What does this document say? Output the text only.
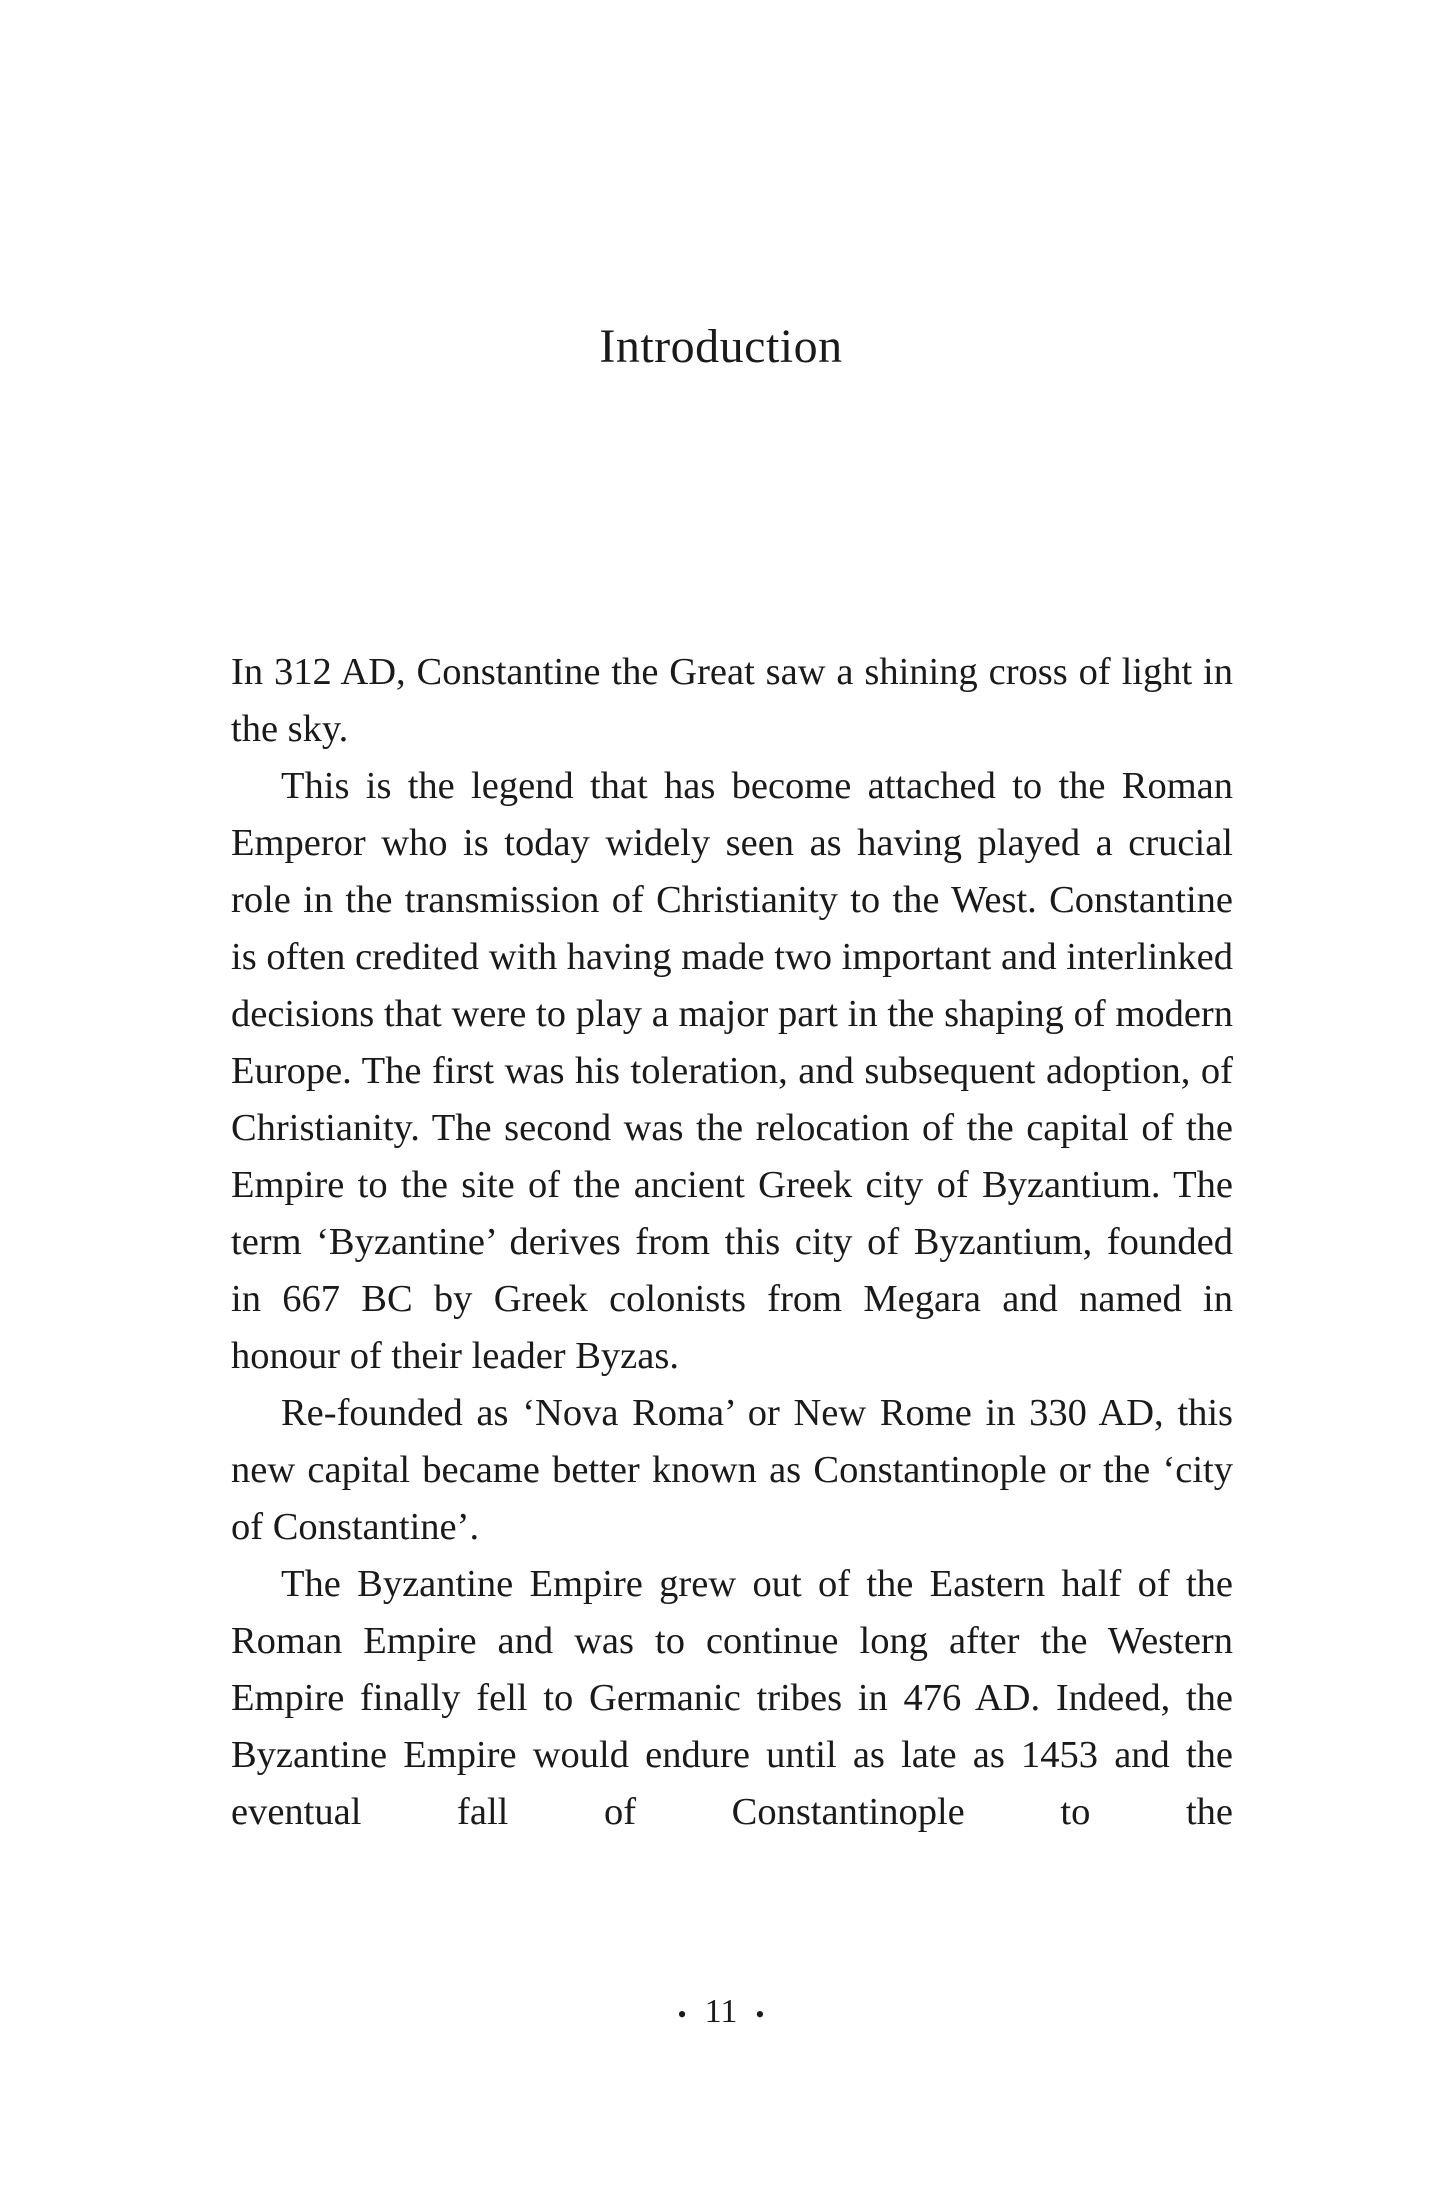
Introduction

In 312 AD, Constantine the Great saw a shining cross of light in the sky.

This is the legend that has become attached to the Roman Emperor who is today widely seen as having played a crucial role in the transmission of Christianity to the West. Constantine is often credited with having made two important and interlinked decisions that were to play a major part in the shaping of modern Europe. The first was his toleration, and subsequent adoption, of Christianity. The second was the relocation of the capital of the Empire to the site of the ancient Greek city of Byzantium. The term ‘Byzantine’ derives from this city of Byzantium, founded in 667 BC by Greek colonists from Megara and named in honour of their leader Byzas.

Re-founded as ‘Nova Roma’ or New Rome in 330 AD, this new capital became better known as Constantinople or the ‘city of Constantine’.

The Byzantine Empire grew out of the Eastern half of the Roman Empire and was to continue long after the Western Empire finally fell to Germanic tribes in 476 AD. Indeed, the Byzantine Empire would endure until as late as 1453 and the eventual fall of Constantinople to the

• 11 •
